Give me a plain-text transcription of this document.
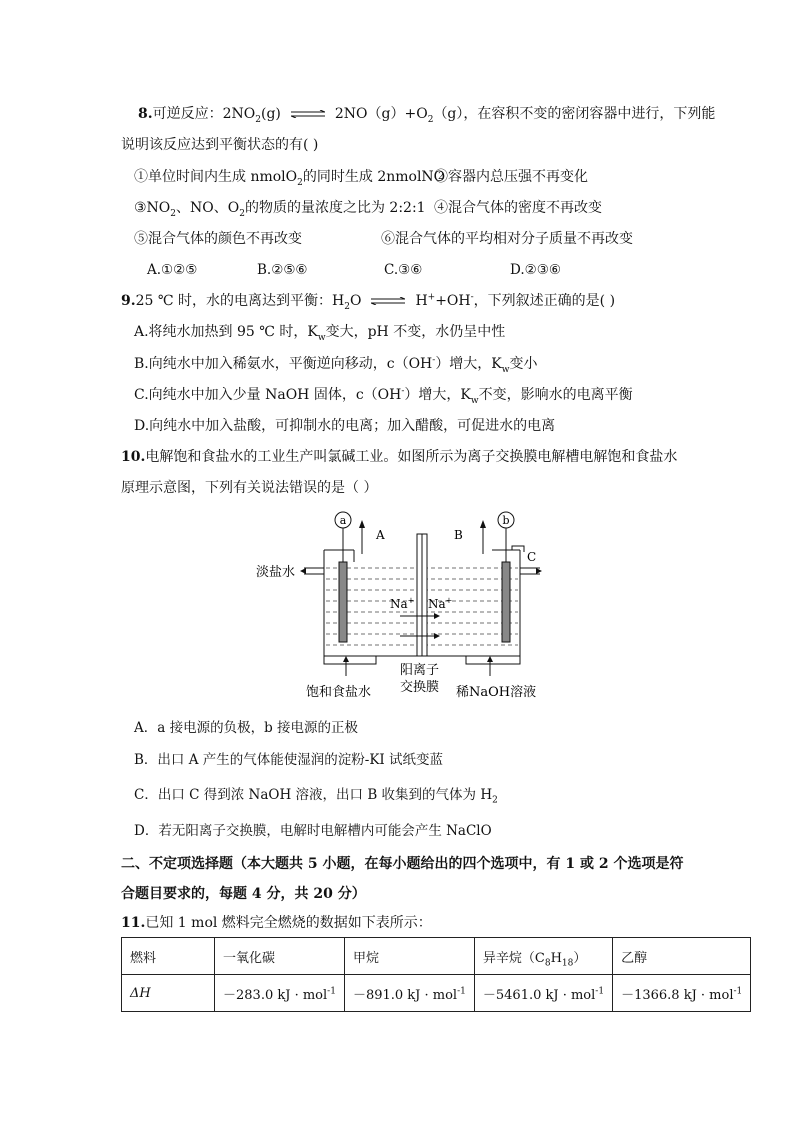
8.可逆反应：$2NO_2(g)$ ⇌ $2NO(g)+O_2(g)$，在容积不变的密闭容器中进行，下列能
说明该反应达到平衡状态的有( )
①单位时间内生成 nmolO$_2$的同时生成 2nmolNO
②容器内总压强不再变化
$③NO_2$、NO、$O_2$的物质的量浓度之比为 2:2:1 ④混合气体的密度不再改变
⑤混合气体的颜色不再改变	⑥混合气体的平均相对分子质量不再改变
A.①②⑤	B.②⑤⑥	C.③⑥	D.②③⑥
9.25 ℃ 时，水的电离达到平衡：$H_2O$ ⇌ H++OH-，下列叙述正确的是( )
A.将纯水加热到 95 ℃ 时，$K_w$变大，pH 不变，水仍呈中性
B.向纯水中加入稀氨水，平衡逆向移动，c（OH-）增大，$K_w$变小
C.向纯水中加入少量 NaOH 固体，c（OH-）增大，$K_w$不变，影响水的电离平衡
D.向纯水中加入盐酸，可抑制水的电离；加入醋酸，可促进水的电离
10.电解饱和食盐水的工业生产叫氯碱工业。如图所示为离子交换膜电解槽电解饱和食盐水
原理示意图，下列有关说法错误的是（ ）
a	b
A	B
Na+ Na+
淡盐水
C
饱和食盐水
阳离子
交换膜 稀NaOH溶液
A．a 接电源的负极，b 接电源的正极
B．出口 A 产生的气体能使湿润的淀粉-KI 试纸变蓝
C．出口 C 得到浓 NaOH 溶液，出口 B 收集到的气体为 $H_2$
D．若无阳离子交换膜，电解时电解槽内可能会产生 NaClO
二、不定项选择题（本大题共 5 小题，在每小题给出的四个选项中，有 1 或 2 个选项是符
合题目要求的，每题 4 分，共 20 分）
11.已知 1 mol 燃料完全燃烧的数据如下表所示：
燃料	一氧化碳	甲烷	异辛烷$(C_8H_{18})$	乙醇
ΔH	－283.0 kJ · mol$^{-1}$	－891.0 kJ · mol$^{-1}$	－5461.0 kJ · mol$^{-1}$	－1366.8 kJ · mol$^{-1}$
